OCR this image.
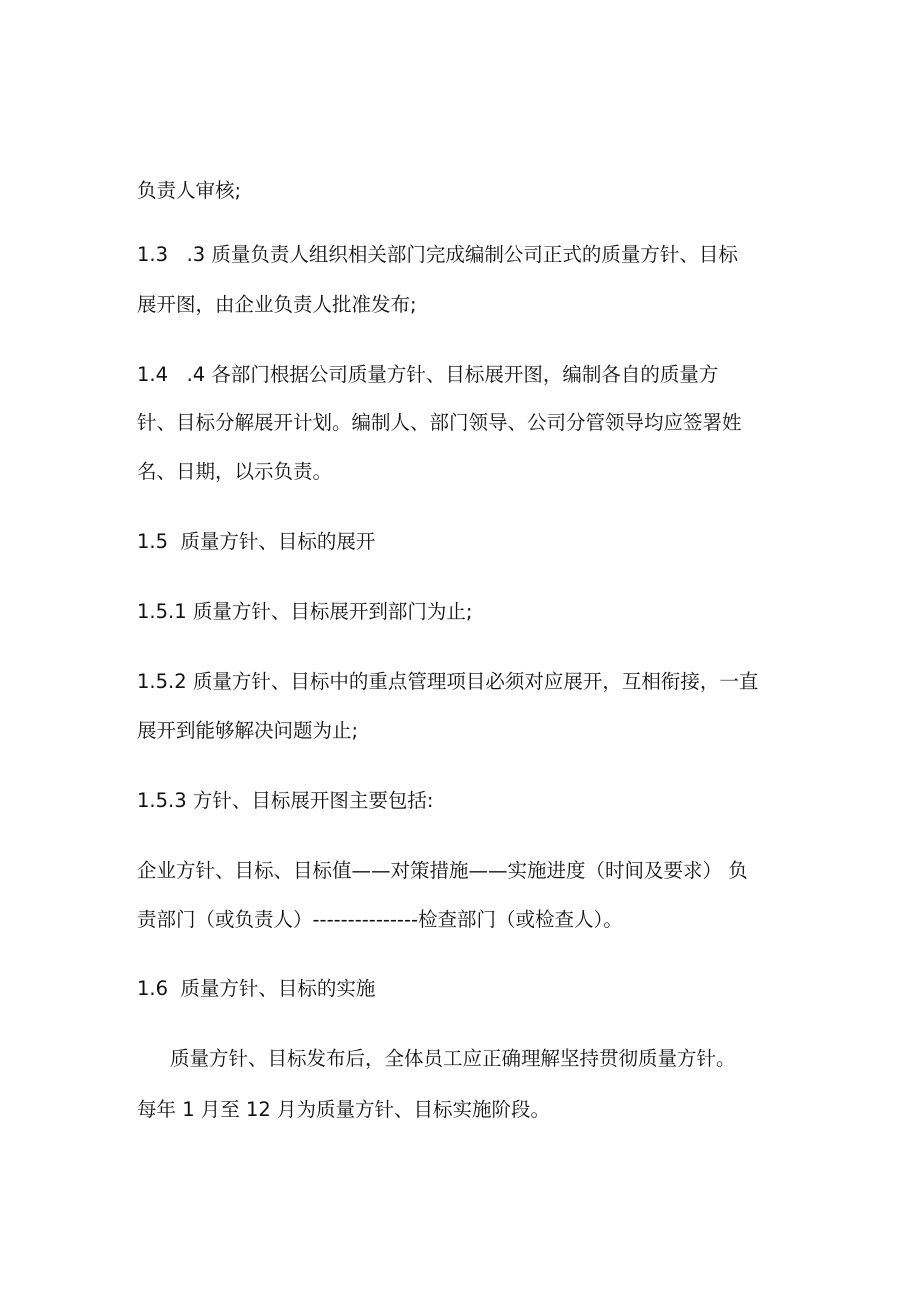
负责人审核;
1.3   .3 质量负责人组织相关部门完成编制公司正式的质量方针、目标
展开图，由企业负责人批准发布;
1.4   .4 各部门根据公司质量方针、目标展开图，编制各自的质量方
针、目标分解展开计划。编制人、部门领导、公司分管领导均应签署姓
名、日期，以示负责。
1.5  质量方针、目标的展开
1.5.1 质量方针、目标展开到部门为止;
1.5.2 质量方针、目标中的重点管理项目必须对应展开，互相衔接，一直
展开到能够解决问题为止;
1.5.3 方针、目标展开图主要包括:
企业方针、目标、目标值——对策措施——实施进度（时间及要求） 负
责部门（或负责人）---------------检查部门（或检查人）。
1.6  质量方针、目标的实施
质量方针、目标发布后，全体员工应正确理解坚持贯彻质量方针。
每年 1 月至 12 月为质量方针、目标实施阶段。
